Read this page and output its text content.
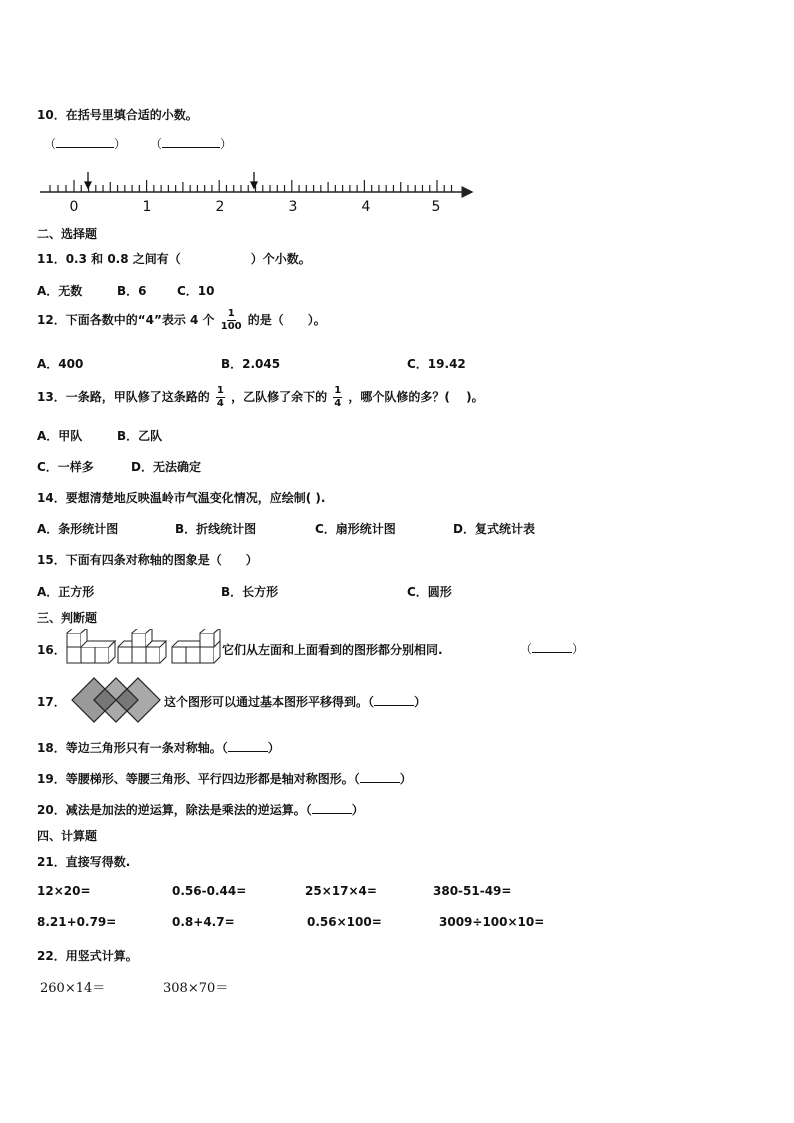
10．在括号里填合适的小数。
（	） （	）
0	1	2	3	4	5
二、选择题
11．0.3 和 0.8 之间有（	）个小数。
A．无数	B．6	C．10
12．下面各数中的“4”表示 4 个 $\frac{1}{100}$ 的是（　　）。
A．400	B．2.045	C．19.42
13．一条路，甲队修了这条路的 $\frac{1}{4}$ ，乙队修了余下的 $\frac{1}{4}$ ，哪个队修的多？(　 )。
A．甲队	B．乙队
C．一样多	D．无法确定
14．要想清楚地反映温岭市气温变化情况，应绘制( ).
A．条形统计图	B．折线统计图	C．扇形统计图	D．复式统计表
15．下面有四条对称轴的图象是（　　）
A．正方形	B．长方形	C．圆形
三、判断题
16．	它们从左面和上面看到的图形都分别相同.	（	）
17．	这个图形可以通过基本图形平移得到。（	）
18．等边三角形只有一条对称轴。（	）
19．等腰梯形、等腰三角形、平行四边形都是轴对称图形。（	）
20．减法是加法的逆运算，除法是乘法的逆运算。（	）
四、计算题
21．直接写得数.
12×20=	0.56-0.44=	25×17×4=	380-51-49=
8.21+0.79=	0.8+4.7=	0.56×100=	3009÷100×10=
22．用竖式计算。
260×14＝	308×70＝
